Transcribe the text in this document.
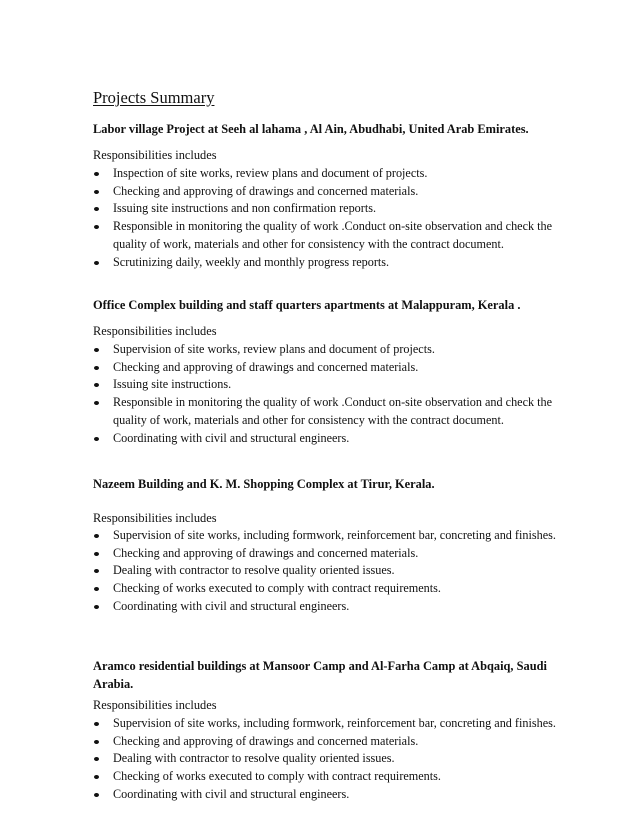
Projects Summary

Labor village Project at Seeh al lahama , Al Ain, Abudhabi, United Arab Emirates.

Responsibilities includes

Inspection of site works, review plans and document of projects.
Checking and approving of drawings and concerned materials.
Issuing site instructions and non confirmation reports.
Responsible in monitoring the quality of work .Conduct on-site observation and check the quality of work, materials and other for consistency with the contract document.
Scrutinizing daily, weekly and monthly progress reports.

Office Complex building and staff quarters apartments at Malappuram, Kerala .

Responsibilities includes

Supervision of site works, review plans and document of projects.
Checking and approving of drawings and concerned materials.
Issuing site instructions.
Responsible in monitoring the quality of work .Conduct on-site observation and check the quality of work, materials and other for consistency with the contract document.
Coordinating with civil and structural engineers.

Nazeem Building and K. M. Shopping Complex at Tirur, Kerala.

Responsibilities includes

Supervision of site works, including formwork, reinforcement bar, concreting and finishes.
Checking and approving of drawings and concerned materials.
Dealing with contractor to resolve quality oriented issues.
Checking of works executed to comply with contract requirements.
Coordinating with civil and structural engineers.

Aramco residential buildings at Mansoor Camp and Al-Farha Camp at Abqaiq, Saudi Arabia.

Responsibilities includes

Supervision of site works, including formwork, reinforcement bar, concreting and finishes.
Checking and approving of drawings and concerned materials.
Dealing with contractor to resolve quality oriented issues.
Checking of works executed to comply with contract requirements.
Coordinating with civil and structural engineers.
